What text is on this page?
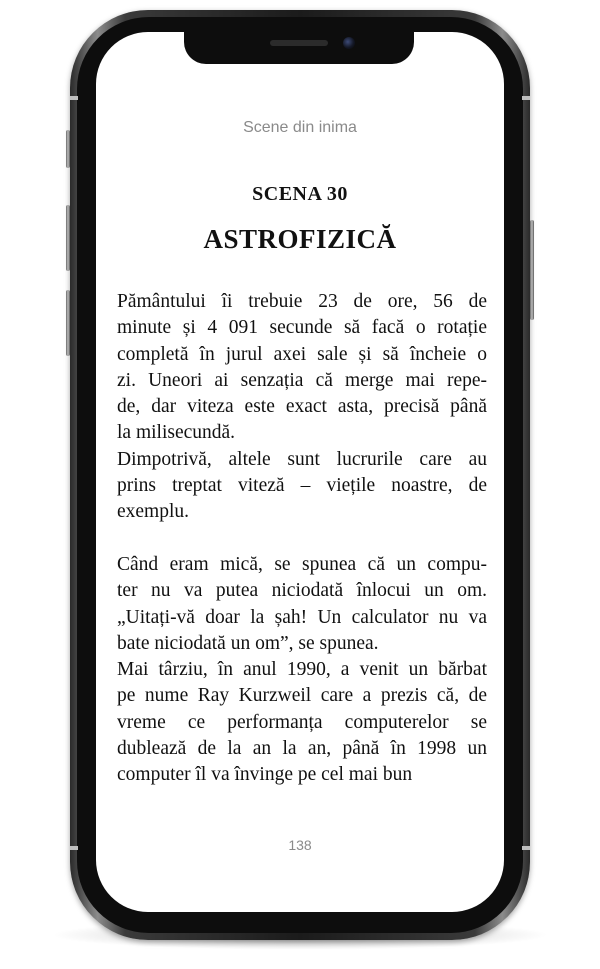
Scene din inima

SCENA 30
ASTROFIZICĂ
Pământului îi trebuie 23 de ore, 56 de
minute și 4 091 secunde să facă o rotație
completă în jurul axei sale și să încheie o
zi. Uneori ai senzația că merge mai repe-
de, dar viteza este exact asta, precisă până
la milisecundă.
Dimpotrivă, altele sunt lucrurile care au
prins treptat viteză – viețile noastre, de
exemplu.
Când eram mică, se spunea că un compu-
ter nu va putea niciodată înlocui un om.
„Uitați-vă doar la șah! Un calculator nu va
bate niciodată un om”, se spunea.
Mai târziu, în anul 1990, a venit un bărbat
pe nume Ray Kurzweil care a prezis că, de
vreme ce performanța computerelor se
dublează de la an la an, până în 1998 un
computer îl va învinge pe cel mai bun

138
